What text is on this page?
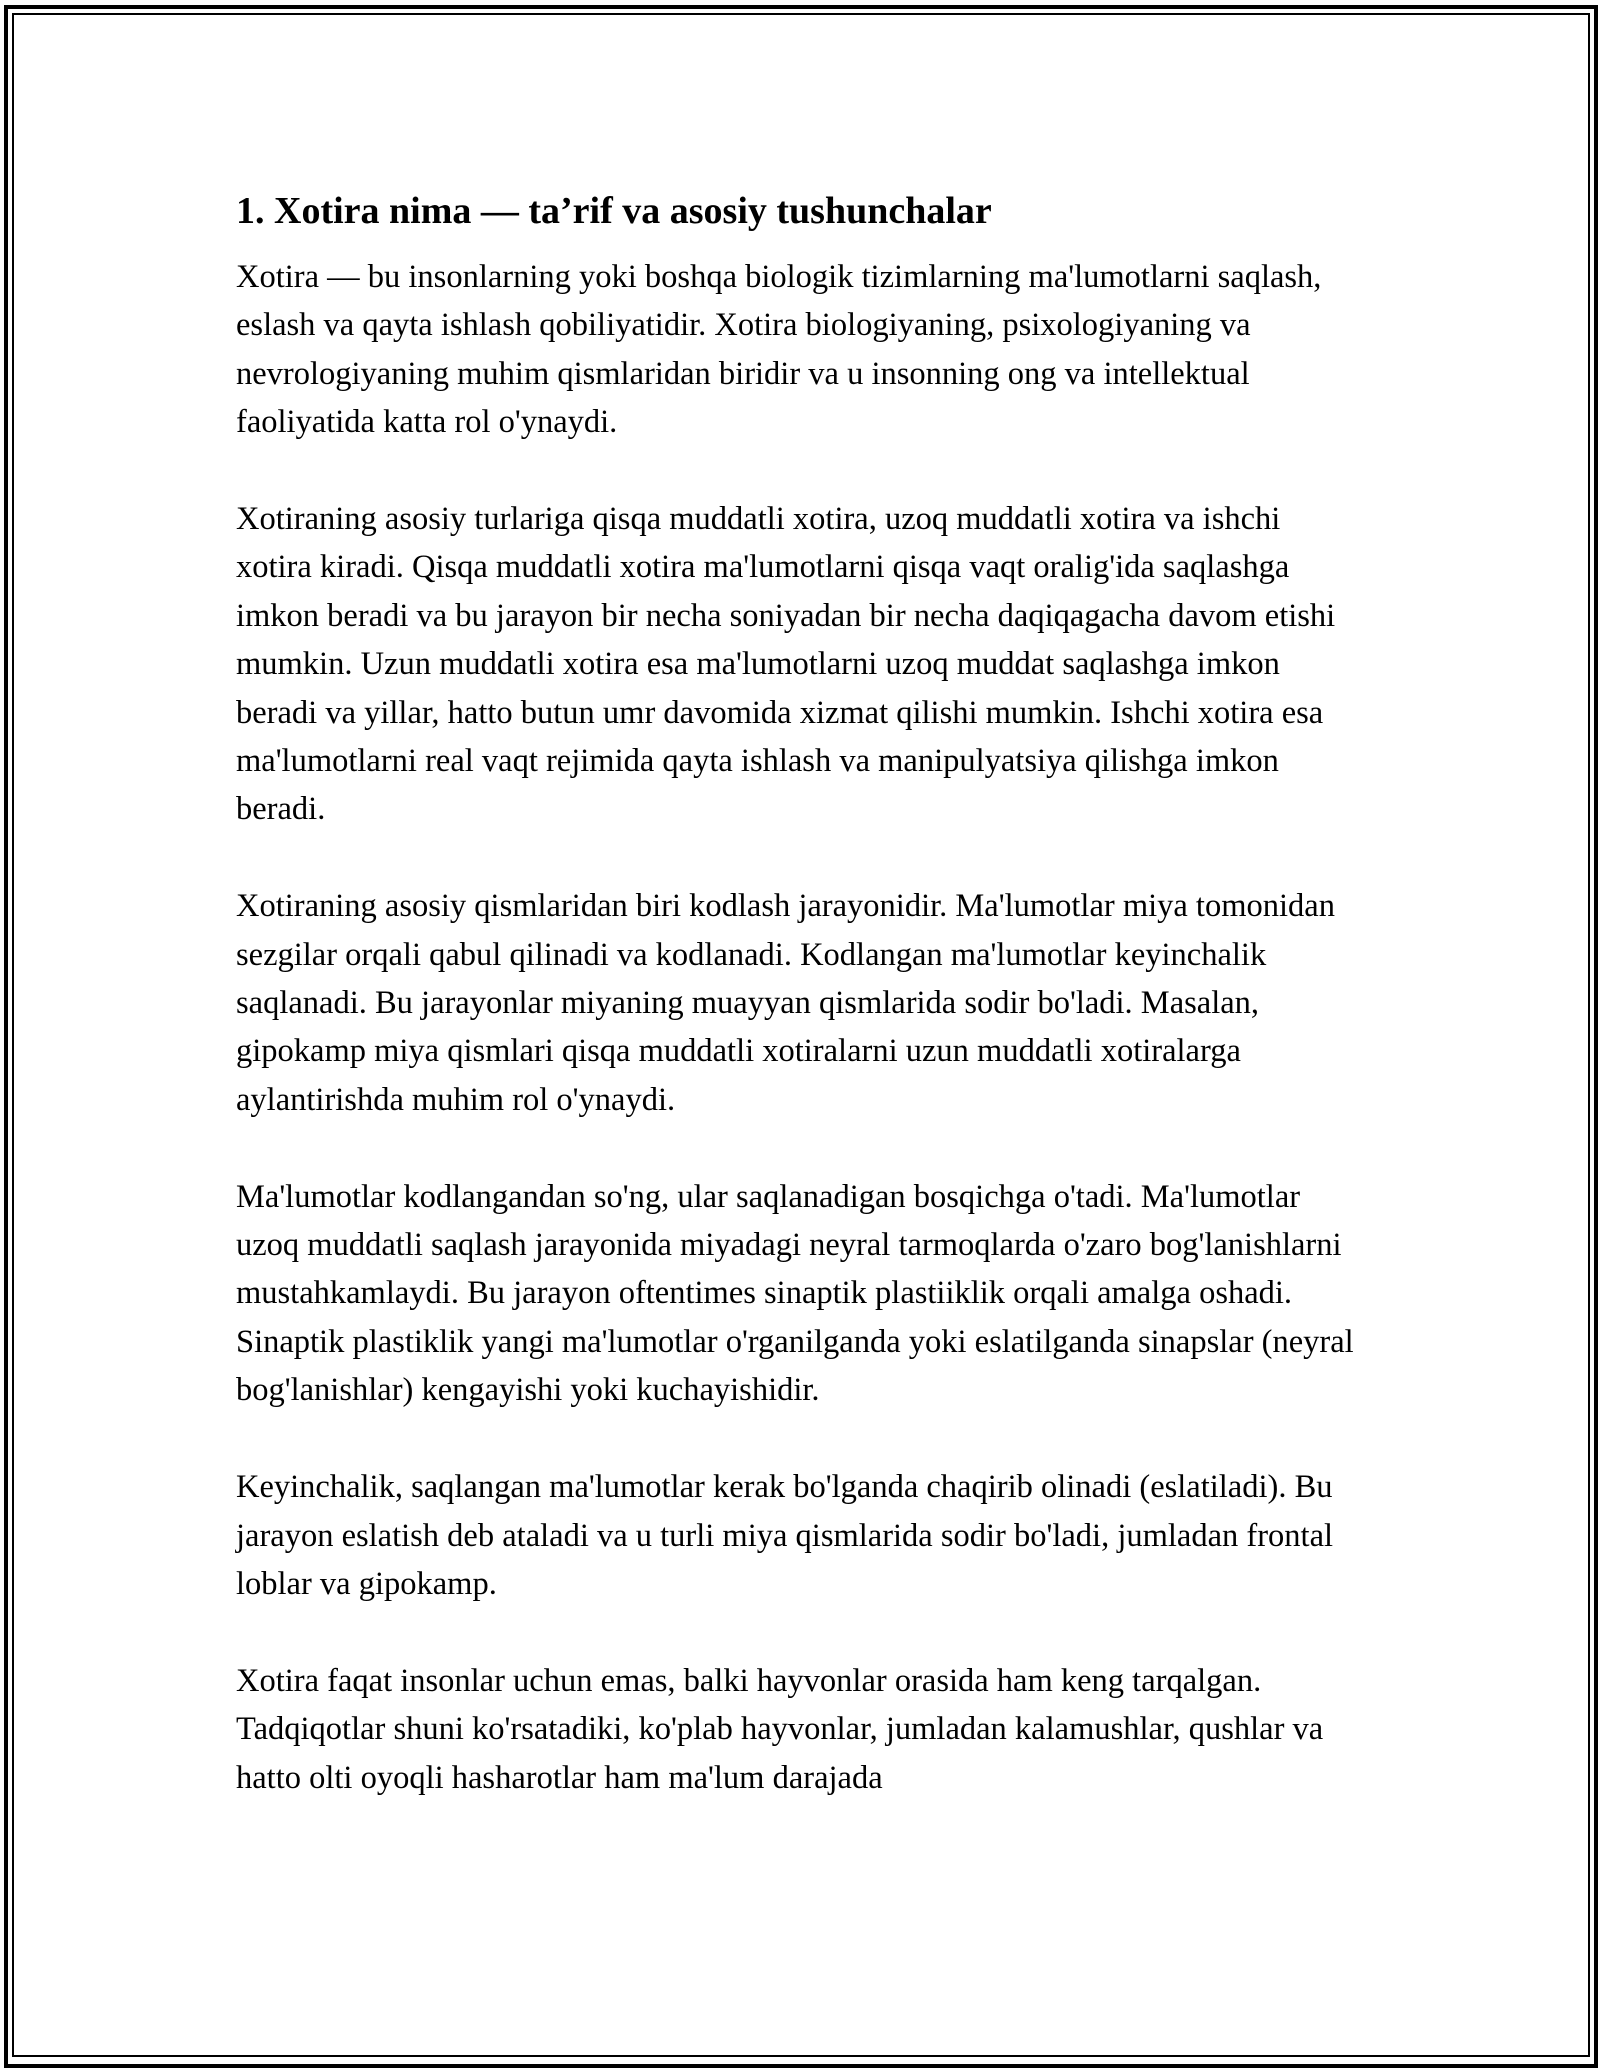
1. Xotira nima — ta’rif va asosiy tushunchalar

Xotira — bu insonlarning yoki boshqa biologik tizimlarning ma'lumotlarni saqlash, eslash va qayta ishlash qobiliyatidir. Xotira biologiyaning, psixologiyaning va nevrologiyaning muhim qismlaridan biridir va u insonning ong va intellektual faoliyatida katta rol o'ynaydi.

Xotiraning asosiy turlariga qisqa muddatli xotira, uzoq muddatli xotira va ishchi xotira kiradi. Qisqa muddatli xotira ma'lumotlarni qisqa vaqt oralig'ida saqlashga imkon beradi va bu jarayon bir necha soniyadan bir necha daqiqagacha davom etishi mumkin. Uzun muddatli xotira esa ma'lumotlarni uzoq muddat saqlashga imkon beradi va yillar, hatto butun umr davomida xizmat qilishi mumkin. Ishchi xotira esa ma'lumotlarni real vaqt rejimida qayta ishlash va manipulyatsiya qilishga imkon beradi.

Xotiraning asosiy qismlaridan biri kodlash jarayonidir. Ma'lumotlar miya tomonidan sezgilar orqali qabul qilinadi va kodlanadi. Kodlangan ma'lumotlar keyinchalik saqlanadi. Bu jarayonlar miyaning muayyan qismlarida sodir bo'ladi. Masalan, gipokamp miya qismlari qisqa muddatli xotiralarni uzun muddatli xotiralarga aylantirishda muhim rol o'ynaydi.

Ma'lumotlar kodlangandan so'ng, ular saqlanadigan bosqichga o'tadi. Ma'lumotlar uzoq muddatli saqlash jarayonida miyadagi neyral tarmoqlarda o'zaro bog'lanishlarni mustahkamlaydi. Bu jarayon oftentimes sinaptik plastiiklik orqali amalga oshadi. Sinaptik plastiklik yangi ma'lumotlar o'rganilganda yoki eslatilganda sinapslar (neyral bog'lanishlar) kengayishi yoki kuchayishidir.

Keyinchalik, saqlangan ma'lumotlar kerak bo'lganda chaqirib olinadi (eslatiladi). Bu jarayon eslatish deb ataladi va u turli miya qismlarida sodir bo'ladi, jumladan frontal loblar va gipokamp.

Xotira faqat insonlar uchun emas, balki hayvonlar orasida ham keng tarqalgan. Tadqiqotlar shuni ko'rsatadiki, ko'plab hayvonlar, jumladan kalamushlar, qushlar va hatto olti oyoqli hasharotlar ham ma'lum darajada
